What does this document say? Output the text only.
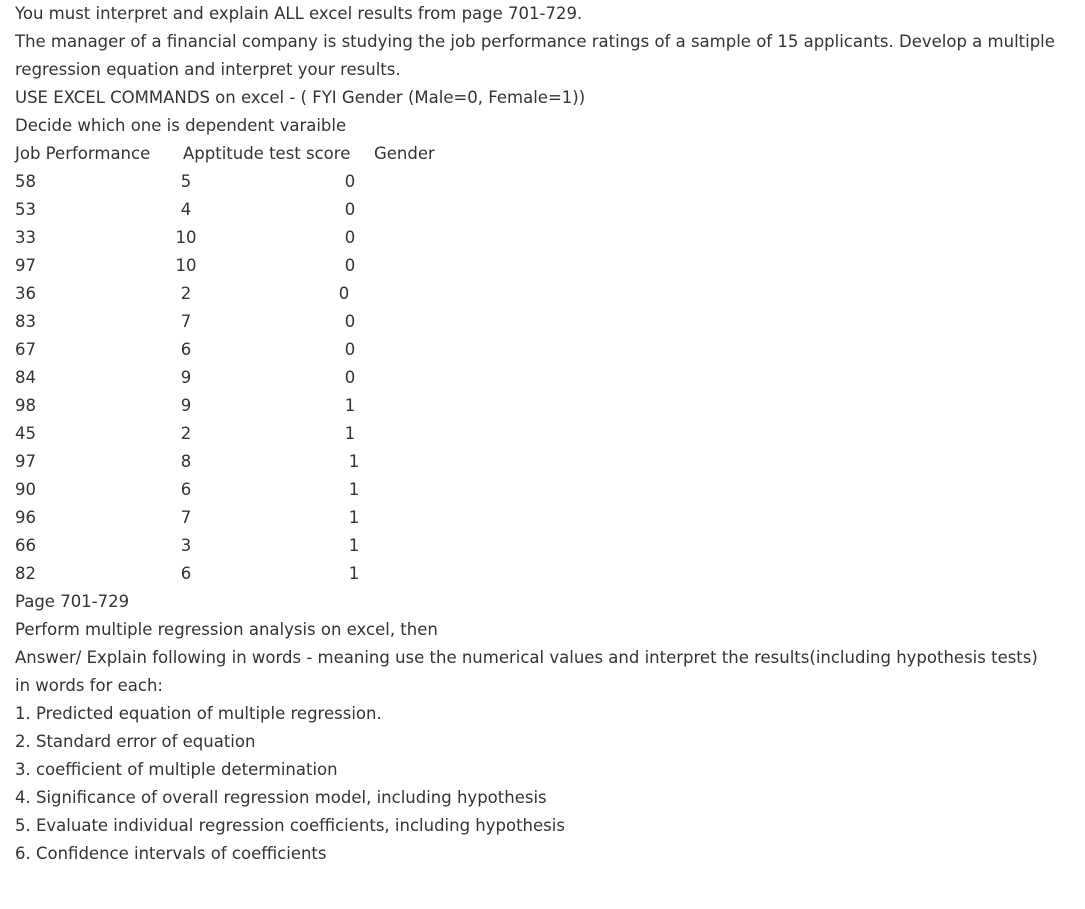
You must interpret and explain ALL excel results from page 701-729.

The manager of a financial company is studying the job performance ratings of a sample of 15 applicants. Develop a multiple regression equation and interpret your results.

USE EXCEL COMMANDS on excel - ( FYI Gender (Male=0, Female=1))

Decide which one is dependent varaible

Job Performance Apptitude test score Gender
58	5	0
53	4	0
33	10	0
97	10	0
36	2	0
83	7	0
67	6	0
84	9	0
98	9	1
45	2	1
97	8	1
90	6	1
96	7	1
66	3	1
82	6	1

Page 701-729

Perform multiple regression analysis on excel, then

Answer/ Explain following in words - meaning use the numerical values and interpret the results(including hypothesis tests) in words for each:

1. Predicted equation of multiple regression.

2. Standard error of equation

3. coefficient of multiple determination

4. Significance of overall regression model, including hypothesis

5. Evaluate individual regression coefficients, including hypothesis

6. Confidence intervals of coefficients
